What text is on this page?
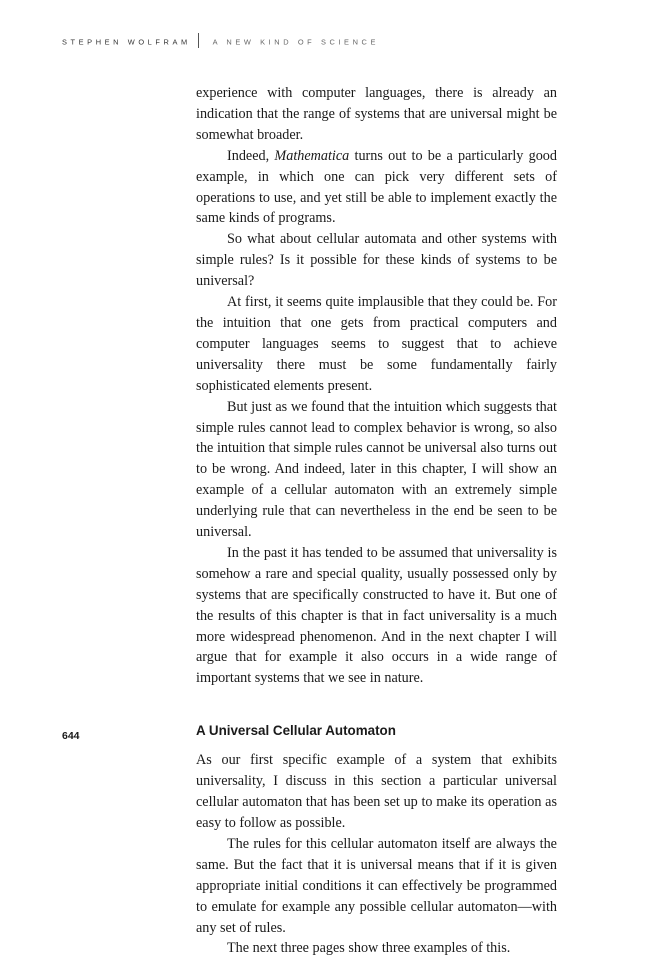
STEPHEN WOLFRAM	A NEW KIND OF SCIENCE

experience with computer languages, there is already an indication that the range of systems that are universal might be somewhat broader.

Indeed, Mathematica turns out to be a particularly good example, in which one can pick very different sets of operations to use, and yet still be able to implement exactly the same kinds of programs.

So what about cellular automata and other systems with simple rules? Is it possible for these kinds of systems to be universal?

At first, it seems quite implausible that they could be. For the intuition that one gets from practical computers and computer languages seems to suggest that to achieve universality there must be some fundamentally fairly sophisticated elements present.

But just as we found that the intuition which suggests that simple rules cannot lead to complex behavior is wrong, so also the intuition that simple rules cannot be universal also turns out to be wrong. And indeed, later in this chapter, I will show an example of a cellular automaton with an extremely simple underlying rule that can nevertheless in the end be seen to be universal.

In the past it has tended to be assumed that universality is somehow a rare and special quality, usually possessed only by systems that are specifically constructed to have it. But one of the results of this chapter is that in fact universality is a much more widespread phenomenon. And in the next chapter I will argue that for example it also occurs in a wide range of important systems that we see in nature.

A Universal Cellular Automaton

As our first specific example of a system that exhibits universality, I discuss in this section a particular universal cellular automaton that has been set up to make its operation as easy to follow as possible.

The rules for this cellular automaton itself are always the same. But the fact that it is universal means that if it is given appropriate initial conditions it can effectively be programmed to emulate for example any possible cellular automaton—with any set of rules.

The next three pages show three examples of this.

644
